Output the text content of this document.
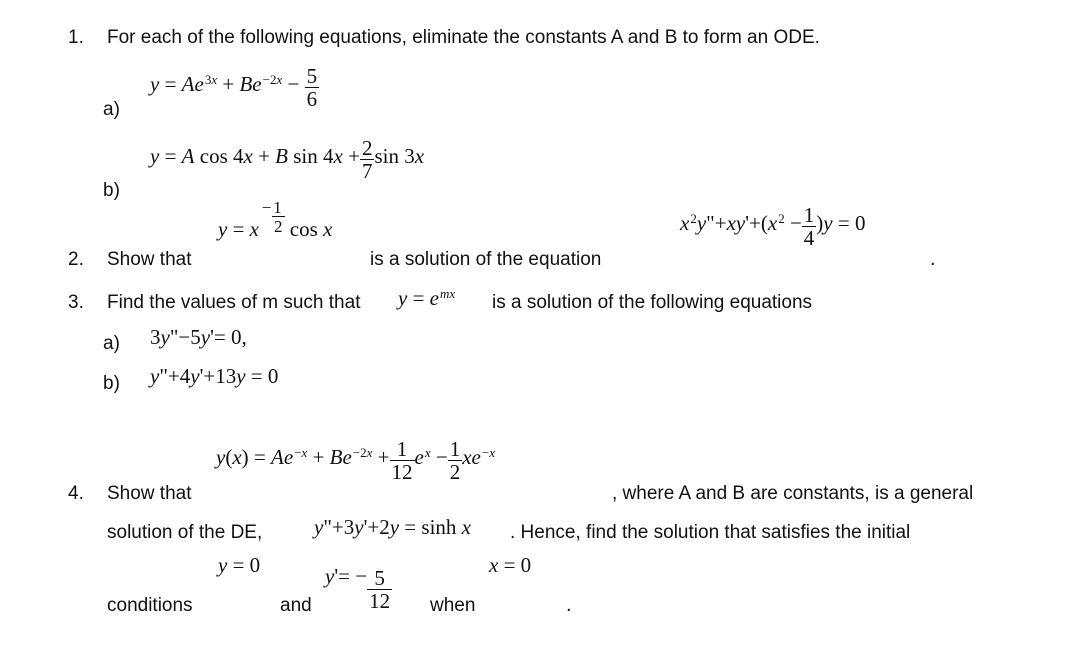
1. For each of the following equations, eliminate the constants A and B to form an ODE.
a)
$y = Ae^{3x} + Be^{-2x} - \frac{5}{6}$
b)
y = A cos 4x + B $\sin 4x + \frac{2}{7}$ sin 3x
2. Show that
y = x− 1
2 cos x
is a solution of the equation
$x^2y"+xy'+(x^2 - \frac{1}{4} )y = 0$
.
3. Find the values of m such that $y = e^{mx}$ is a solution of the following equations
a) 3y"−5y'= 0,
b) y"+4y'+13y = 0
4. Show that
$y(x) = Ae^{-x} + Be^{-2x} + \frac{1}{12} e^x - \frac{1}{2} xe^{-x}$
, where A and B are constants, is a general
solution of the DE, y"+3y'+2y = sinh x . Hence, find the solution that satisfies the initial
y = 0	$y'= - \frac{5}{12}$
x = 0
conditions	and	when	.
